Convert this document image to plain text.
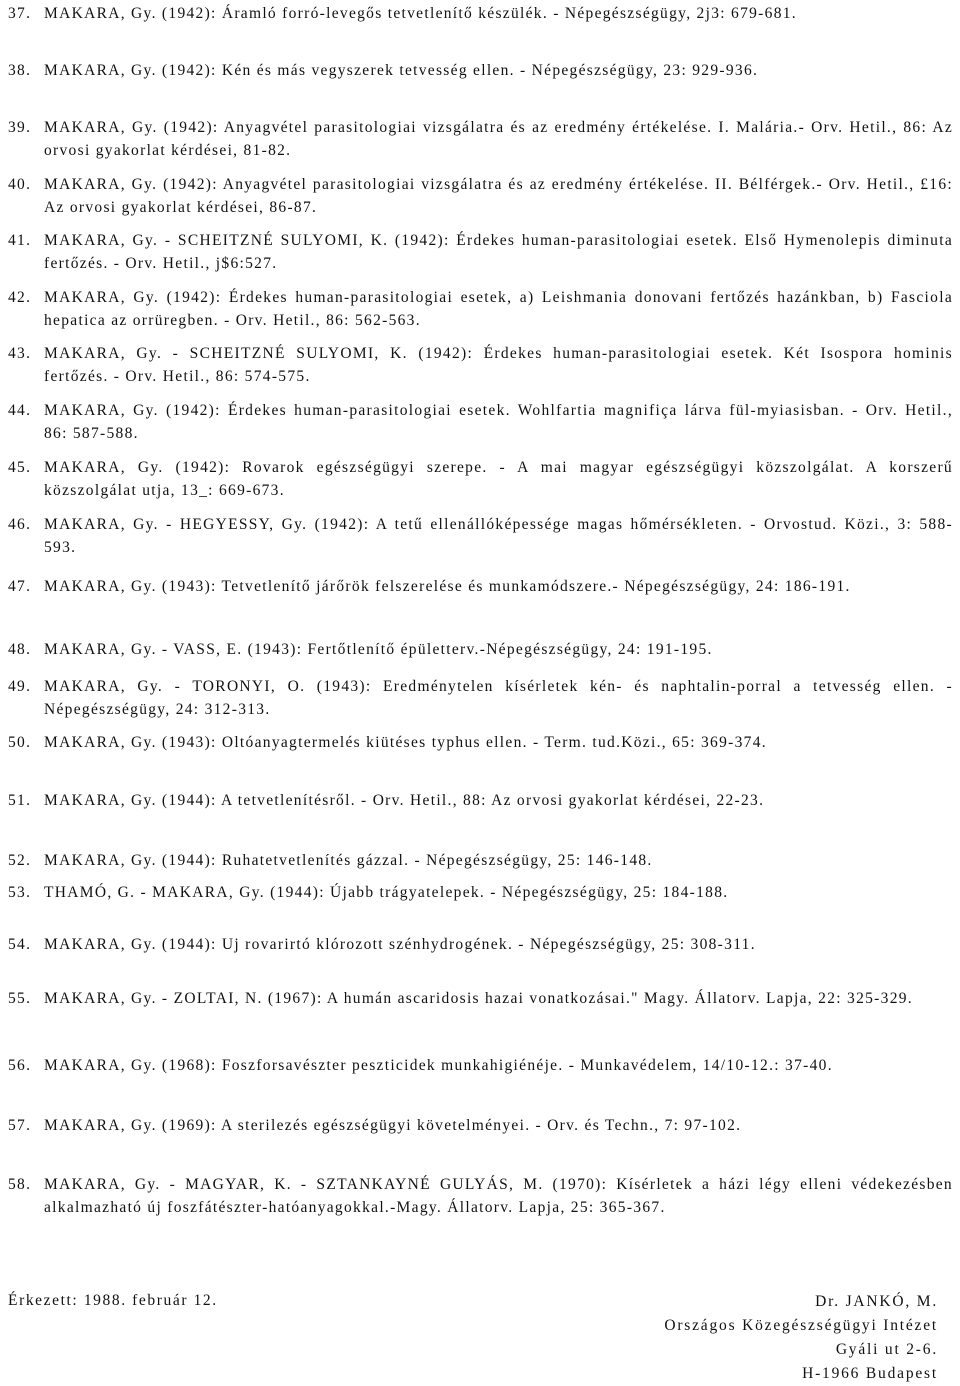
37. MAKARA, Gy. (1942): Áramló forró-levegős tetvetlenítő készülék. - Népegészségügy, 2j3: 679-681.
38. MAKARA, Gy. (1942): Kén és más vegyszerek tetvesség ellen. - Népegészségügy, 23: 929-936.
39. MAKARA, Gy. (1942): Anyagvétel parasitologiai vizsgálatra és az eredmény értékelése. I. Malária.- Orv. Hetil., 86: Az orvosi gyakorlat kérdései, 81-82.
40. MAKARA, Gy. (1942): Anyagvétel parasitologiai vizsgálatra és az eredmény értékelése. II. Bélférgek.- Orv. Hetil., £16: Az orvosi gyakorlat kérdései, 86-87.
41. MAKARA, Gy. - SCHEITZNÉ SULYOMI, K. (1942): Érdekes human-parasitologiai esetek. Első Hymenolepis diminuta fertőzés. - Orv. Hetil., j$6:527.
42. MAKARA, Gy. (1942): Érdekes human-parasitologiai esetek, a) Leishmania donovani fertőzés hazánkban, b) Fasciola hepatica az orrüregben. - Orv. Hetil., 86: 562-563.
43. MAKARA, Gy. - SCHEITZNÉ SULYOMI, K. (1942): Érdekes human-parasitologiai esetek. Két Isospora hominis fertőzés. - Orv. Hetil., 86: 574-575.
44. MAKARA, Gy. (1942): Érdekes human-parasitologiai esetek. Wohlfartia magnifiça lárva fül-myiasisban. - Orv. Hetil., 86: 587-588.
45. MAKARA, Gy. (1942): Rovarok egészségügyi szerepe. - A mai magyar egészségügyi közszolgálat. A korszerű közszolgálat utja, 13_: 669-673.
46. MAKARA, Gy. - HEGYESSY, Gy. (1942): A tetű ellenállóképessége magas hőmérsékleten. - Orvostud. Közi., 3: 588-593.
47. MAKARA, Gy. (1943): Tetvetlenítő járőrök felszerelése és munkamódszere.- Népegészségügy, 24: 186-191.
48. MAKARA, Gy. - VASS, E. (1943): Fertőtlenítő épületterv.-Népegészségügy, 24: 191-195.
49. MAKARA, Gy. - TORONYI, O. (1943): Eredménytelen kísérletek kén- és naphtalin-porral a tetvesség ellen. - Népegészségügy, 24: 312-313.
50. MAKARA, Gy. (1943): Oltóanyagtermelés kiütéses typhus ellen. - Term. tud.Közi., 65: 369-374.
51. MAKARA, Gy. (1944): A tetvetlenítésről. - Orv. Hetil., 88: Az orvosi gyakorlat kérdései, 22-23.
52. MAKARA, Gy. (1944): Ruhatetvetlenítés gázzal. - Népegészségügy, 25: 146-148.
53. THAMÓ, G. - MAKARA, Gy. (1944): Újabb trágyatelepek. - Népegészségügy, 25: 184-188.
54. MAKARA, Gy. (1944): Uj rovarirtó klórozott szénhydrogének. - Népegészségügy, 25: 308-311.
55. MAKARA, Gy. - ZOLTAI, N. (1967): A humán ascaridosis hazai vonatkozásai." Magy. Állatorv. Lapja, 22: 325-329.
56. MAKARA, Gy. (1968): Foszforsavészter peszticidek munkahigiénéje. - Munkavédelem, 14/10-12.: 37-40.
57. MAKARA, Gy. (1969): A sterilezés egészségügyi követelményei. - Orv. és Techn., 7: 97-102.
58. MAKARA, Gy. - MAGYAR, K. - SZTANKAYNÉ GULYÁS, M. (1970): Kísérletek a házi légy elleni védekezésben alkalmazható új foszfátészter-hatóanyagokkal.-Magy. Állatorv. Lapja, 25: 365-367.
Érkezett: 1988. február 12.	Dr. JANKÓ, M.
Országos Közegészségügyi Intézet
Gyáli ut 2-6.
H-1966 Budapest
